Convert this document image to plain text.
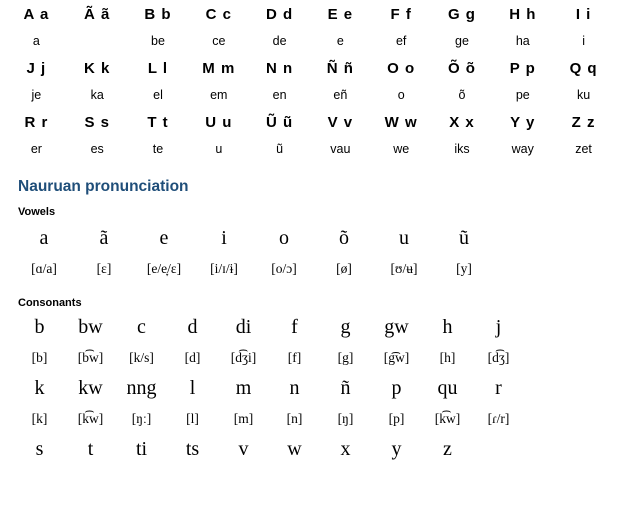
A a	Ã ã	B b	C c	D d	E e	F f	G g	H h	I i
a		be	ce	de	e	ef	ge	ha	i
J j	K k	L l	M m	N n	Ñ ñ	O o	Õ õ	P p	Q q
je	ka	el	em	en	eñ	o	õ	pe	ku
R r	S s	T t	U u	Ũ ũ	V v	W w	X x	Y y	Z z
er	es	te	u	ũ	vau	we	iks	way	zet
Nauruan pronunciation
Vowels
a	ã	e	i	o	õ	u	ũ
[ɑ/a]	[ɛ]	[e/e̞/ɛ]	[i/ɪ/ɨ]	[o/ɔ]	[ø]	[ʊ/ʉ]	[y]
Consonants
b	bw	c	d	di	f	g	gw	h	j
[b]	[b͡w]	[k/s]	[d]	[d͡ʒi]	[f]	[g]	[g͡w]	[h]	[d͡ʒ]
k	kw	nng	l	m	n	ñ	p	qu	r
[k]	[k͡w]	[ŋː]	[l]	[m]	[n]	[ŋ]	[p]	[k͡w]	[ɾ/r]
s	t	ti	ts	v	w	x	y	z	
